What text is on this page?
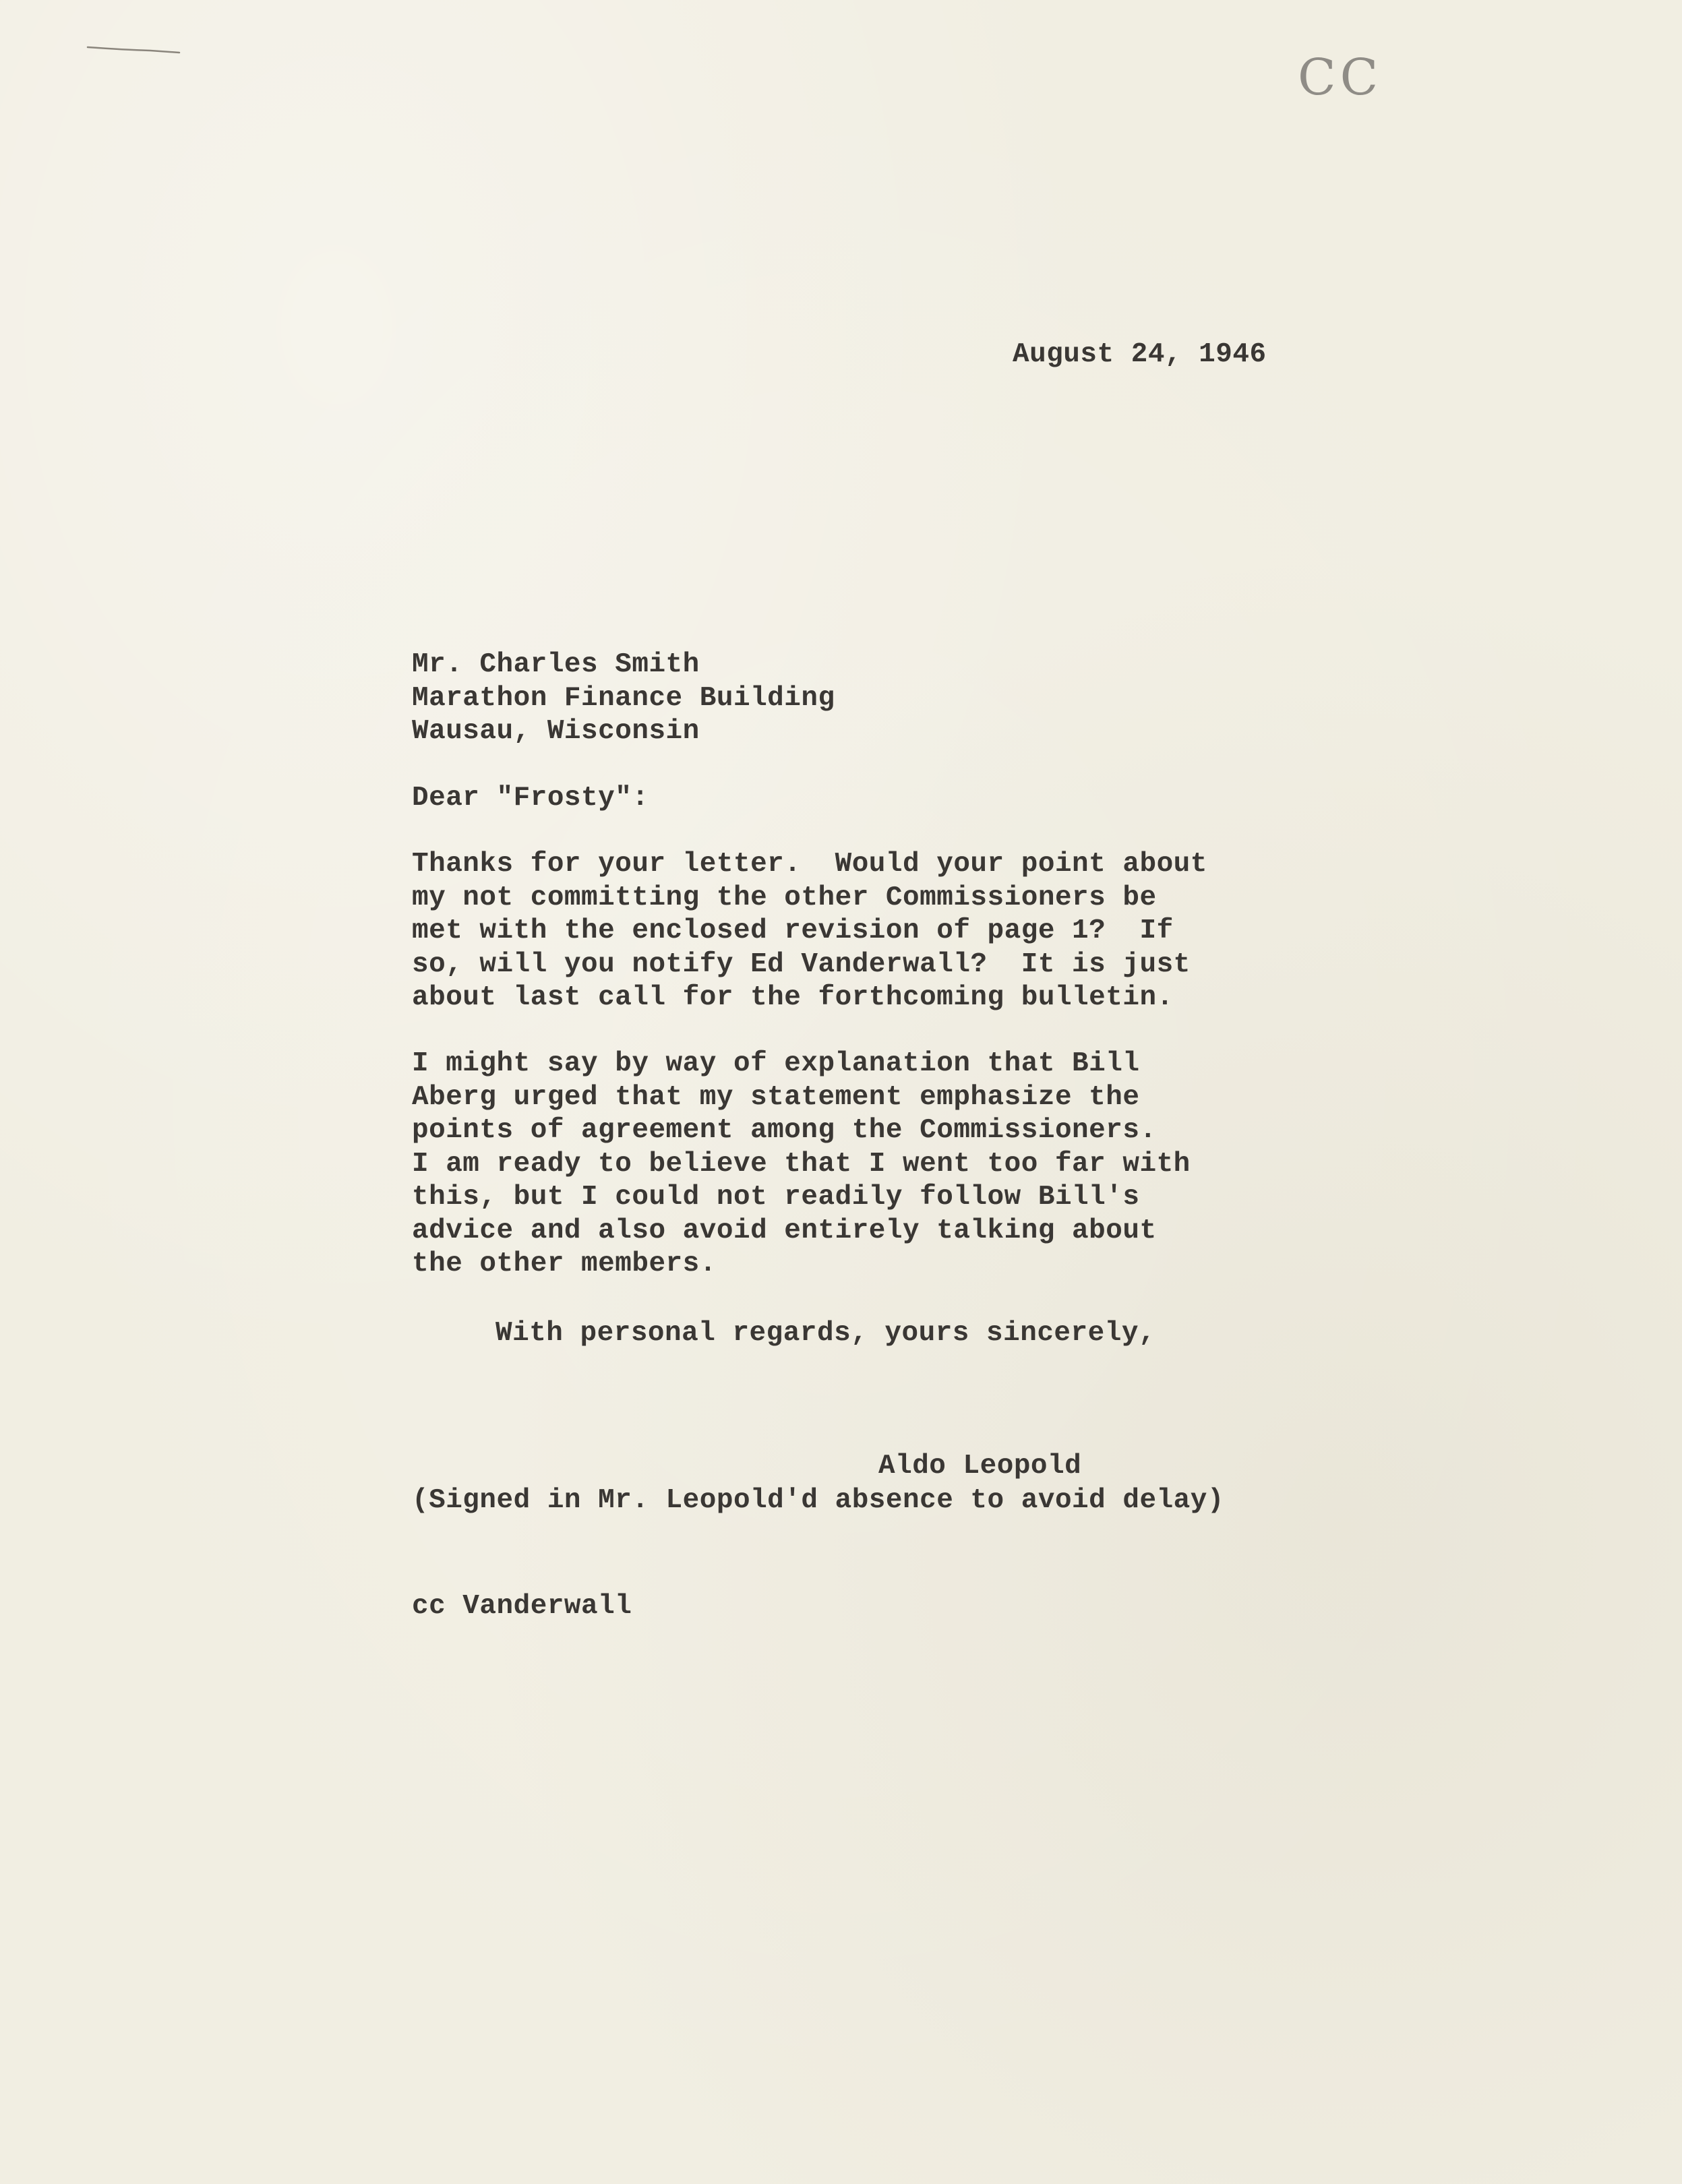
CC
August 24, 1946
Mr. Charles Smith
Marathon Finance Building
Wausau, Wisconsin
Dear "Frosty":
Thanks for your letter.  Would your point about
my not committing the other Commissioners be
met with the enclosed revision of page 1?  If
so, will you notify Ed Vanderwall?  It is just
about last call for the forthcoming bulletin.
I might say by way of explanation that Bill
Aberg urged that my statement emphasize the
points of agreement among the Commissioners.
I am ready to believe that I went too far with
this, but I could not readily follow Bill's
advice and also avoid entirely talking about
the other members.
With personal regards, yours sincerely,
Aldo Leopold
(Signed in Mr. Leopold'd absence to avoid delay)
cc Vanderwall
